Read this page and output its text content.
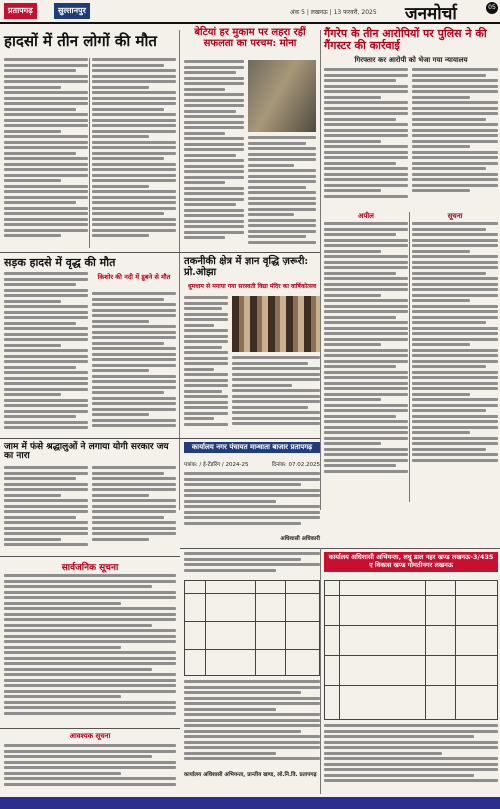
प्रतापगढ़	सुल्तानपुर	अंक 5 | लखनऊ | 13 फरवरी, 2025 जनमोर्चा	05
हादसों में तीन लोगों की मौत	बेटियां हर मुकाम पर लहरा रहीं सफलता का परचम: मोना
गैंगरेप के तीन आरोपियों पर पुलिस ने की गैंगस्टर की कार्रवाई
गिरफ्तार कर आरोपी को भेजा गया न्यायालय
अपील	सूचना
सड़क हादसे में वृद्ध की मौत
किशोर की नदी में डूबने से मौत
तकनीकी क्षेत्र में ज्ञान वृद्धि ज़रूरी: प्रो.ओझा
धूमधाम से मनाया गया सरस्वती विद्या मंदिर का वार्षिकोत्सव
जाम में फंसे श्रद्धालुओं ने लगाया योगी सरकार जय का नारा
सार्वजनिक सूचना
आवश्यक सूचना
कार्यालय नगर पंचायत मान्धाता बाजार प्रतापगढ़
पत्रांक: / ई-टेंडरिंग / 2024-25	दिनांक: 07.02.2025
अधिशासी अधिकारी
कार्यालय अधिशासी अभियन्ता, प्रान्तीय खण्ड, लो.नि.वि. प्रतापगढ़
कार्यालय अधिशासी अभियन्ता, लघु डाल नहर खण्ड लखनऊ-3/435 ए विकास खण्ड गोमतीनगर लखनऊ
